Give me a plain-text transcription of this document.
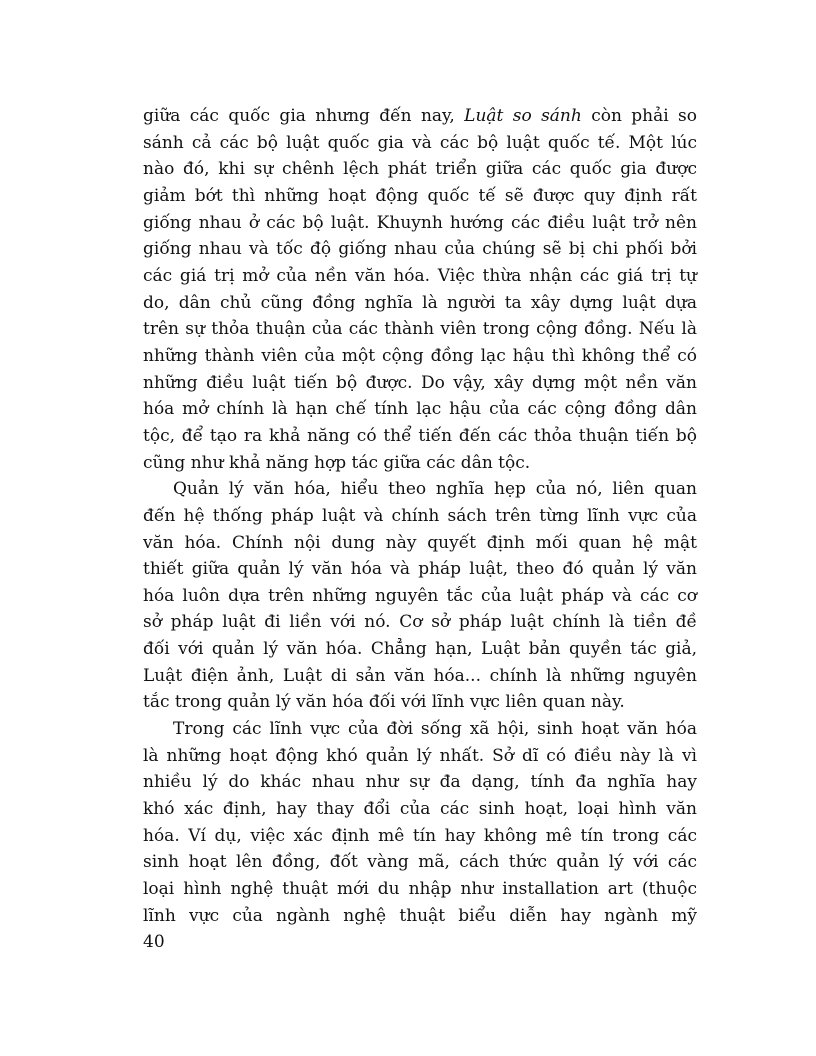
giữa các quốc gia nhưng đến nay, Luật so sánh còn phải so
sánh cả các bộ luật quốc gia và các bộ luật quốc tế. Một lúc
nào đó, khi sự chênh lệch phát triển giữa các quốc gia được
giảm bớt thì những hoạt động quốc tế sẽ được quy định rất
giống nhau ở các bộ luật. Khuynh hướng các điều luật trở nên
giống nhau và tốc độ giống nhau của chúng sẽ bị chi phối bởi
các giá trị mở của nền văn hóa. Việc thừa nhận các giá trị tự
do, dân chủ cũng đồng nghĩa là người ta xây dựng luật dựa
trên sự thỏa thuận của các thành viên trong cộng đồng. Nếu là
những thành viên của một cộng đồng lạc hậu thì không thể có
những điều luật tiến bộ được. Do vậy, xây dựng một nền văn
hóa mở chính là hạn chế tính lạc hậu của các cộng đồng dân
tộc, để tạo ra khả năng có thể tiến đến các thỏa thuận tiến bộ
cũng như khả năng hợp tác giữa các dân tộc.
Quản lý văn hóa, hiểu theo nghĩa hẹp của nó, liên quan
đến hệ thống pháp luật và chính sách trên từng lĩnh vực của
văn hóa. Chính nội dung này quyết định mối quan hệ mật
thiết giữa quản lý văn hóa và pháp luật, theo đó quản lý văn
hóa luôn dựa trên những nguyên tắc của luật pháp và các cơ
sở pháp luật đi liền với nó. Cơ sở pháp luật chính là tiền đề
đối với quản lý văn hóa. Chẳng hạn, Luật bản quyền tác giả,
Luật điện ảnh, Luật di sản văn hóa... chính là những nguyên
tắc trong quản lý văn hóa đối với lĩnh vực liên quan này.
Trong các lĩnh vực của đời sống xã hội, sinh hoạt văn hóa
là những hoạt động khó quản lý nhất. Sở dĩ có điều này là vì
nhiều lý do khác nhau như sự đa dạng, tính đa nghĩa hay
khó xác định, hay thay đổi của các sinh hoạt, loại hình văn
hóa. Ví dụ, việc xác định mê tín hay không mê tín trong các
sinh hoạt lên đồng, đốt vàng mã, cách thức quản lý với các
loại hình nghệ thuật mới du nhập như installation art (thuộc
lĩnh vực của ngành nghệ thuật biểu diễn hay ngành mỹ
40
